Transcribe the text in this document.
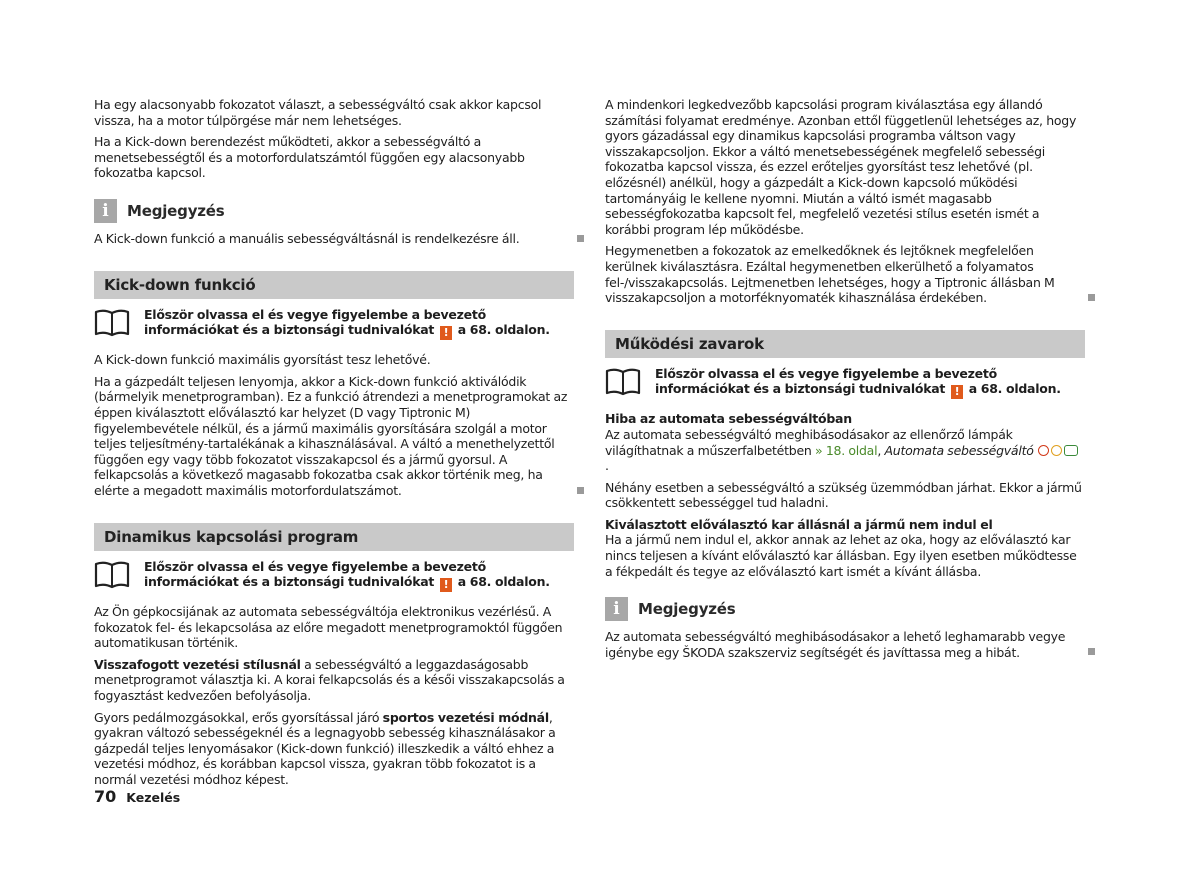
Ha egy alacsonyabb fokozatot választ, a sebességváltó csak akkor kapcsol vissza, ha a motor túlpörgése már nem lehetséges.

Ha a Kick-down berendezést működteti, akkor a sebességváltó a menetsebességtől és a motorfordulatszámtól függően egy alacsonyabb fokozatba kapcsol.

i	Megjegyzés

A Kick-down funkció a manuális sebességváltásnál is rendelkezésre áll.

Kick-down funkció
Először olvassa el és vegye figyelembe a bevezető információkat és a biztonsági tudnivalókat ! a 68. oldalon.

A Kick-down funkció maximális gyorsítást tesz lehetővé.

Ha a gázpedált teljesen lenyomja, akkor a Kick-down funkció aktiválódik (bármelyik menetprogramban). Ez a funkció átrendezi a menetprogramokat az éppen kiválasztott előválasztó kar helyzet (D vagy Tiptronic M) figyelembevétele nélkül, és a jármű maximális gyorsítására szolgál a motor teljes teljesítmény-tartalékának a kihasználásával. A váltó a menethelyzettől függően egy vagy több fokozatot visszakapcsol és a jármű gyorsul. A felkapcsolás a következő magasabb fokozatba csak akkor történik meg, ha elérte a megadott maximális motorfordulatszámot.

Dinamikus kapcsolási program
Először olvassa el és vegye figyelembe a bevezető információkat és a biztonsági tudnivalókat ! a 68. oldalon.

Az Ön gépkocsijának az automata sebességváltója elektronikus vezérlésű. A fokozatok fel- és lekapcsolása az előre megadott menetprogramoktól függően automatikusan történik.

Visszafogott vezetési stílusnál a sebességváltó a leggazdaságosabb menetprogramot választja ki. A korai felkapcsolás és a késői visszakapcsolás a fogyasztást kedvezően befolyásolja.

Gyors pedálmozgásokkal, erős gyorsítással járó sportos vezetési módnál, gyakran változó sebességeknél és a legnagyobb sebesség kihasználásakor a gázpedál teljes lenyomásakor (Kick-down funkció) illeszkedik a váltó ehhez a vezetési módhoz, és korábban kapcsol vissza, gyakran több fokozatot is a normál vezetési módhoz képest.

A mindenkori legkedvezőbb kapcsolási program kiválasztása egy állandó számítási folyamat eredménye. Azonban ettől függetlenül lehetséges az, hogy gyors gázadással egy dinamikus kapcsolási programba váltson vagy visszakapcsoljon. Ekkor a váltó menetsebességének megfelelő sebességi fokozatba kapcsol vissza, és ezzel erőteljes gyorsítást tesz lehetővé (pl. előzésnél) anélkül, hogy a gázpedált a Kick-down kapcsoló működési tartományáig le kellene nyomni. Miután a váltó ismét magasabb sebességfokozatba kapcsolt fel, megfelelő vezetési stílus esetén ismét a korábbi program lép működésbe.

Hegymenetben a fokozatok az emelkedőknek és lejtőknek megfelelően kerülnek kiválasztásra. Ezáltal hegymenetben elkerülhető a folyamatos fel-/visszakapcsolás. Lejtmenetben lehetséges, hogy a Tiptronic állásban M visszakapcsoljon a motorféknyomaték kihasználása érdekében.

Működési zavarok
Először olvassa el és vegye figyelembe a bevezető információkat és a biztonsági tudnivalókat ! a 68. oldalon.

Hiba az automata sebességváltóban

Az automata sebességváltó meghibásodásakor az ellenőrző lámpák világíthatnak a műszerfalbetétben » 18. oldal, Automata sebességváltó  .

Néhány esetben a sebességváltó a szükség üzemmódban járhat. Ekkor a jármű csökkentett sebességgel tud haladni.

Kiválasztott előválasztó kar állásnál a jármű nem indul el

Ha a jármű nem indul el, akkor annak az lehet az oka, hogy az előválasztó kar nincs teljesen a kívánt előválasztó kar állásban. Egy ilyen esetben működtesse a fékpedált és tegye az előválasztó kart ismét a kívánt állásba.

i	Megjegyzés

Az automata sebességváltó meghibásodásakor a lehető leghamarabb vegye igénybe egy ŠKODA szakszerviz segítségét és javíttassa meg a hibát.

70 Kezelés
